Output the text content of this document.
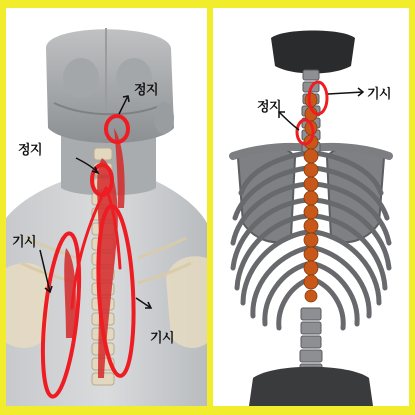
정지
정지
기시
기시
기시
정지
